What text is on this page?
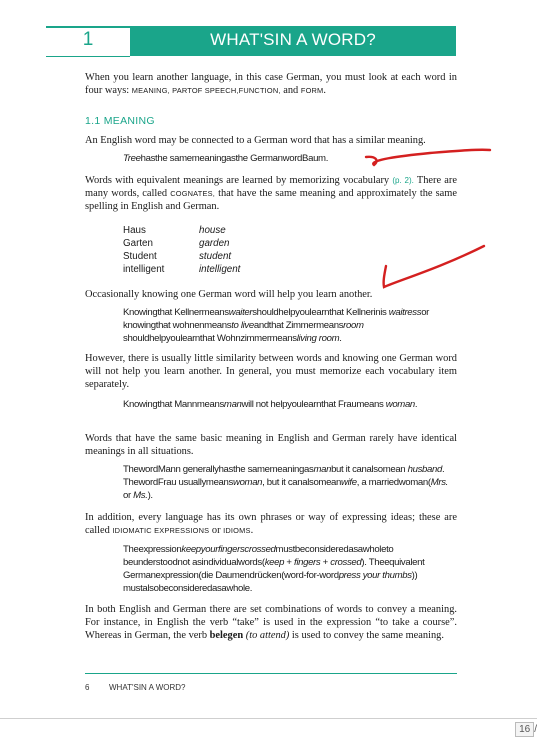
1	WHAT'SIN A WORD?
When you learn another language, in this case German, you must look at each word in four ways: MEANING, PARTOF SPEECH,FUNCTION, and FORM.
1.1 MEANING
An English word may be connected to a German word that has a similar meaning.
Treehasthe samemeaningasthe GermanwordBaum.
Words with equivalent meanings are learned by memorizing vocabulary (p. 2). There are many words, called COGNATES, that have the same meaning and approximately the same spelling in English and German.
Haus	house
Garten	garden
Student	student
intelligent	intelligent
Occasionally knowing one German word will help you learn another.
Knowingthat Kellnermeanswaitershouldhelpyoulearnthat Kellnerinis waitressor knowingthat wohnenmeansto liveandthat Zimmermeansroom shouldhelpyoulearnthat Wohnzimmermeansliving room.
However, there is usually little similarity between words and knowing one German word will not help you learn another. In general, you must memorize each vocabulary item separately.
Knowingthat Mannmeansmanwill not helpyoulearnthat Fraumeans woman.
Words that have the same basic meaning in English and German rarely have identical meanings in all situations.
ThewordMann generallyhasthe samemeaningasmanbut it canalsomean husband. ThewordFrau usuallymeanswoman, but it canalsomeanwife, a marriedwoman(Mrs. or Ms.).
In addition, every language has its own phrases or way of expressing ideas; these are called IDIOMATIC EXPRESSIONS or IDIOMS.
Theexpressionkeepyourfingerscrossedmustbeconsideredasawholeto beunderstoodnot asindividualwords(keep + fingers + crossed). Theequivalent Germanexpression(die Daumendrücken(word-for-wordpress your thumbs)) mustalsobeconsideredasawhole.
In both English and German there are set combinations of words to convey a meaning. For instance, in English the verb “take” is used in the expression “to take a course”. Whereas in German, the verb belegen (to attend) is used to convey the same meaning.
6 WHAT'SIN A WORD?
16 /
